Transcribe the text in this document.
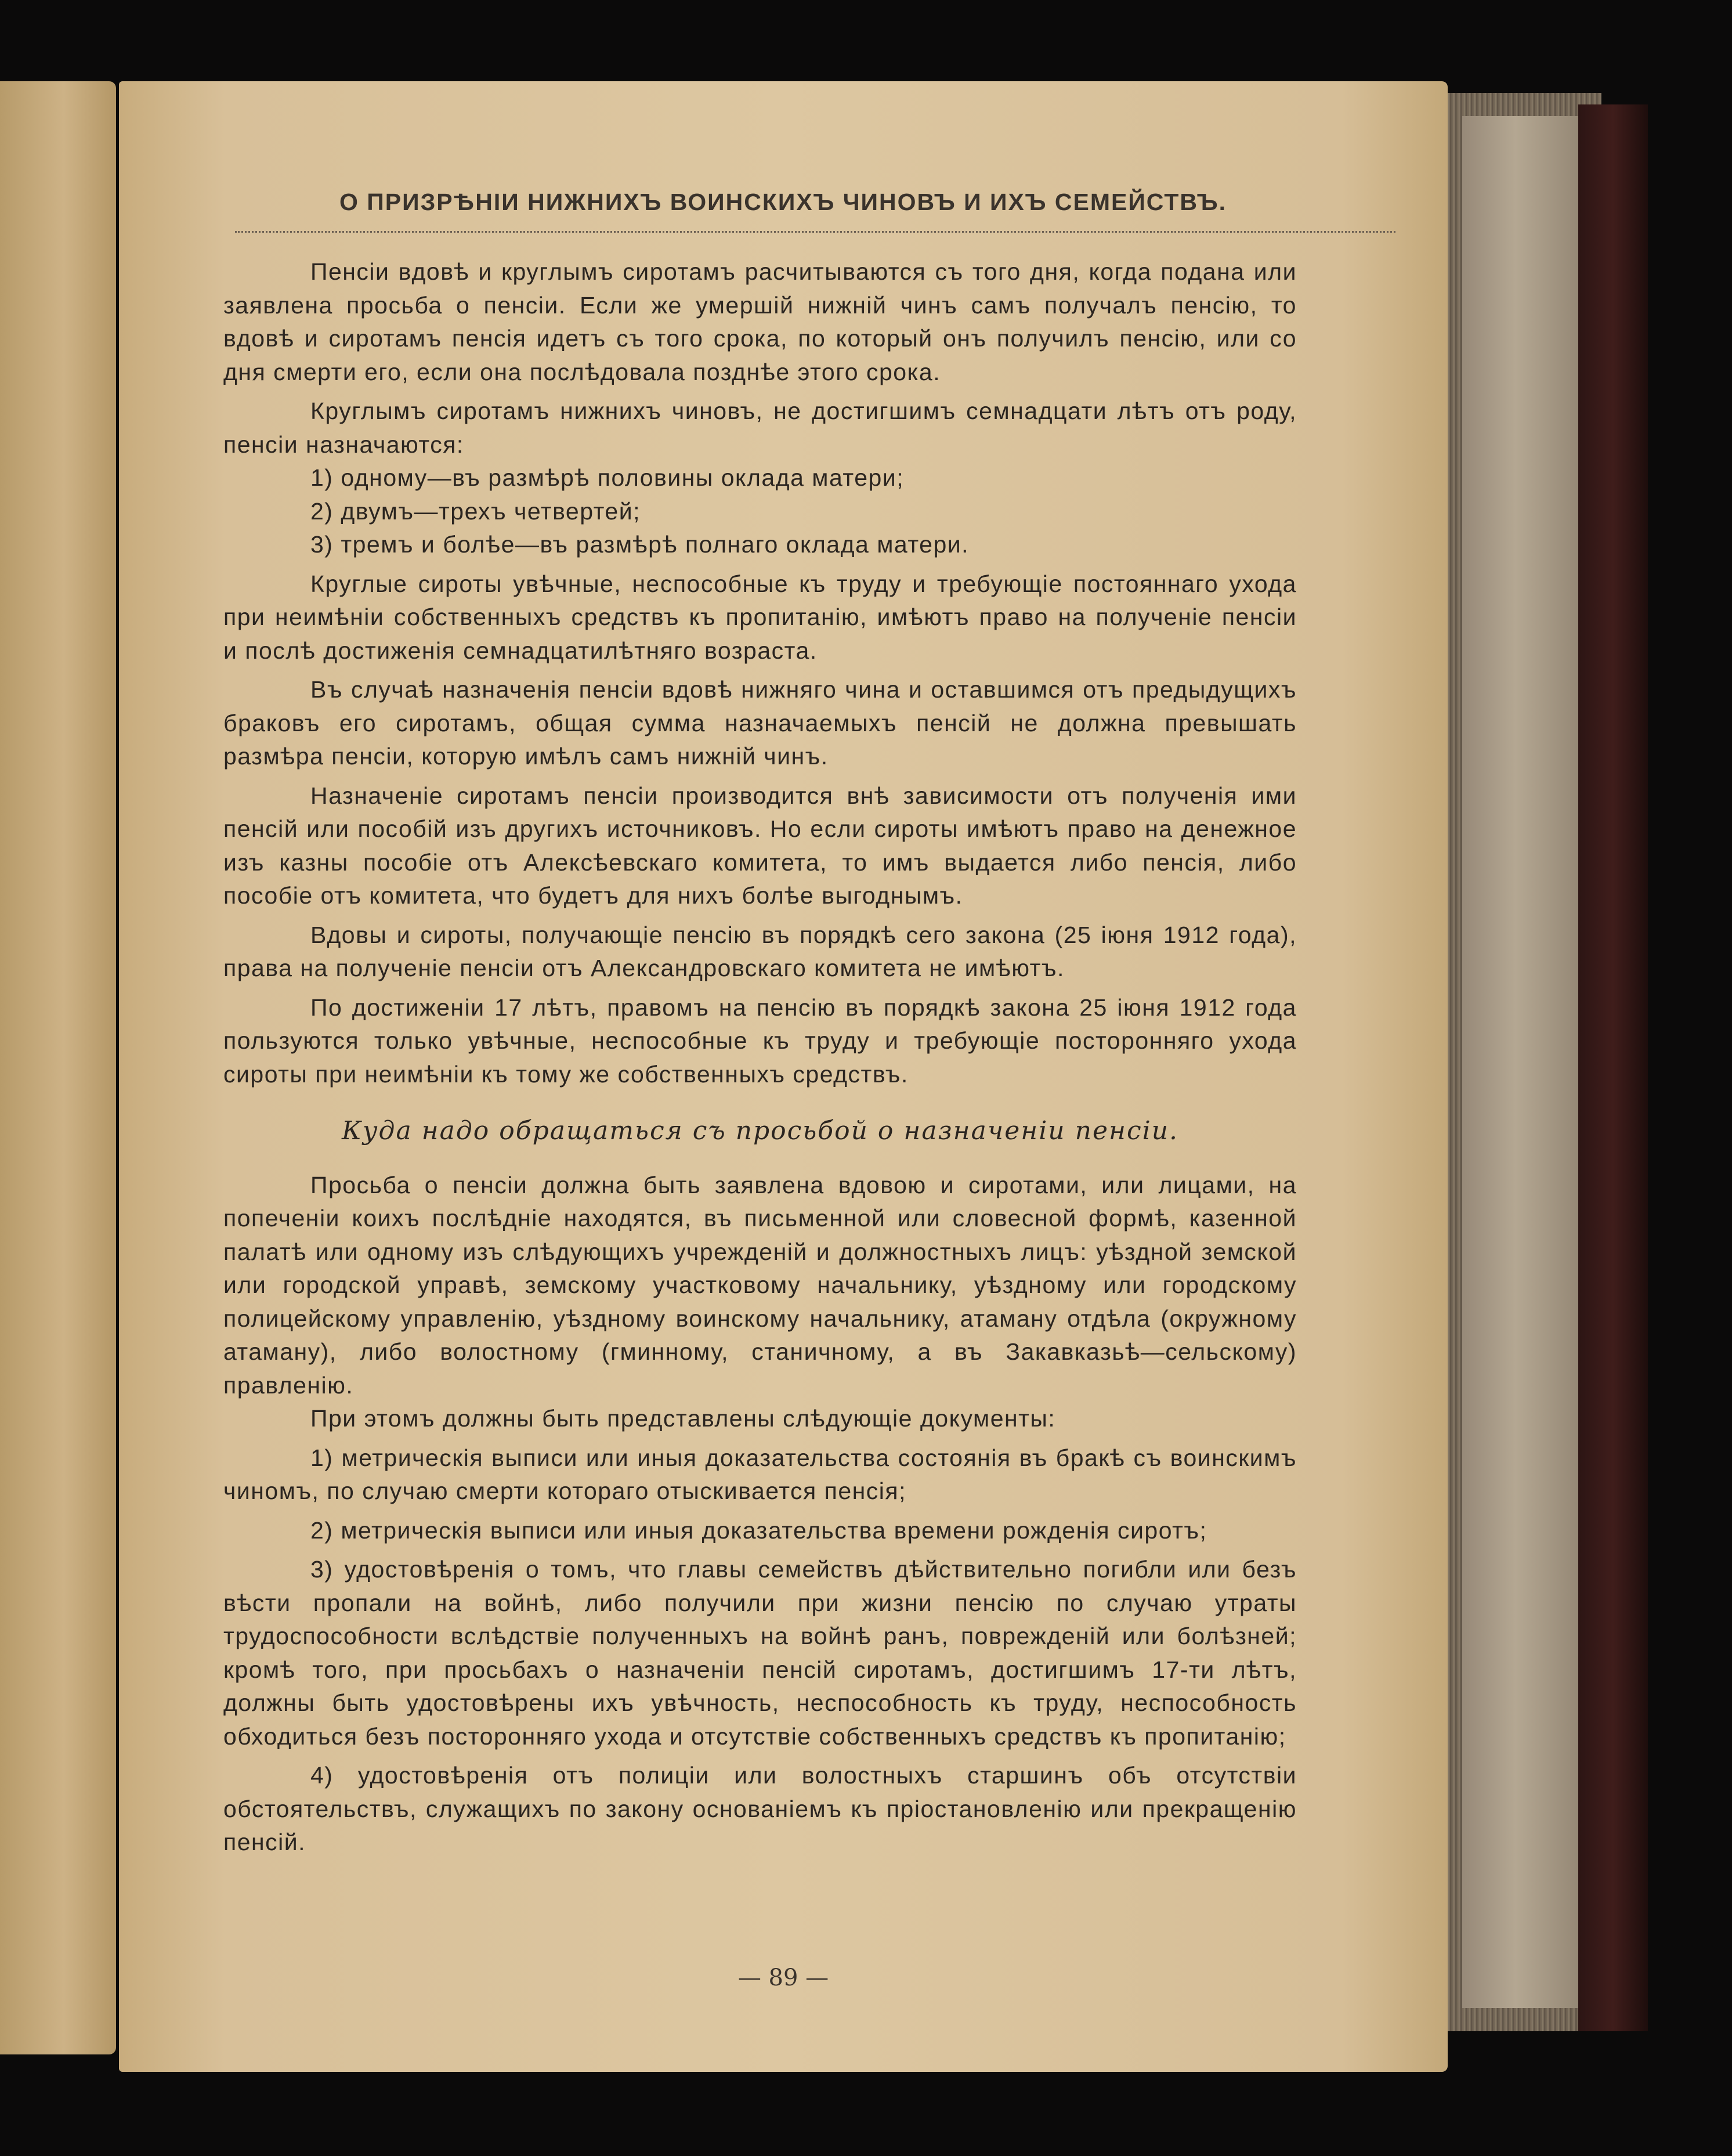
О ПРИЗРѢНІИ НИЖНИХЪ ВОИНСКИХЪ ЧИНОВЪ И ИХЪ СЕМЕЙСТВЪ.

Пенсіи вдовѣ и круглымъ сиротамъ расчитываются съ того дня, когда подана или заявлена просьба о пенсіи. Если же умершій нижній чинъ самъ получалъ пенсію, то вдовѣ и сиротамъ пенсія идетъ съ того срока, по который онъ получилъ пенсію, или со дня смерти его, если она послѣдовала позднѣе этого срока.

Круглымъ сиротамъ нижнихъ чиновъ, не достигшимъ семнадцати лѣтъ отъ роду, пенсіи назначаются:

1) одному—въ размѣрѣ половины оклада матери;

2) двумъ—трехъ четвертей;

3) тремъ и болѣе—въ размѣрѣ полнаго оклада матери.

Круглые сироты увѣчные, неспособные къ труду и требующіе постояннаго ухода при неимѣніи собственныхъ средствъ къ пропитанію, имѣютъ право на полученіе пенсіи и послѣ достиженія семнадцатилѣтняго возраста.

Въ случаѣ назначенія пенсіи вдовѣ нижняго чина и оставшимся отъ предыдущихъ браковъ его сиротамъ, общая сумма назначаемыхъ пенсій не должна превышать размѣра пенсіи, которую имѣлъ самъ нижній чинъ.

Назначеніе сиротамъ пенсіи производится внѣ зависимости отъ полученія ими пенсій или пособій изъ другихъ источниковъ. Но если сироты имѣютъ право на денежное изъ казны пособіе отъ Алексѣевскаго комитета, то имъ выдается либо пенсія, либо пособіе отъ комитета, что будетъ для нихъ болѣе выгоднымъ.

Вдовы и сироты, получающіе пенсію въ порядкѣ сего закона (25 іюня 1912 года), права на полученіе пенсіи отъ Александровскаго комитета не имѣютъ.

По достиженіи 17 лѣтъ, правомъ на пенсію въ порядкѣ закона 25 іюня 1912 года пользуются только увѣчные, неспособные къ труду и требующіе посторонняго ухода сироты при неимѣніи къ тому же собственныхъ средствъ.

Куда надо обращаться съ просьбой о назначеніи пенсіи.

Просьба о пенсіи должна быть заявлена вдовою и сиротами, или лицами, на попеченіи коихъ послѣдніе находятся, въ письменной или словесной формѣ, казенной палатѣ или одному изъ слѣдующихъ учрежденій и должностныхъ лицъ: уѣздной земской или городской управѣ, земскому участковому начальнику, уѣздному или городскому полицейскому управленію, уѣздному воинскому начальнику, атаману отдѣла (окружному атаману), либо волостному (гминному, станичному, а въ Закавказьѣ—сельскому) правленію.

При этомъ должны быть представлены слѣдующіе документы:

1) метрическія выписи или иныя доказательства состоянія въ бракѣ съ воинскимъ чиномъ, по случаю смерти котораго отыскивается пенсія;

2) метрическія выписи или иныя доказательства времени рожденія сиротъ;

3) удостовѣренія о томъ, что главы семействъ дѣйствительно погибли или безъ вѣсти пропали на войнѣ, либо получили при жизни пенсію по случаю утраты трудоспособности вслѣдствіе полученныхъ на войнѣ ранъ, поврежденій или болѣзней; кромѣ того, при просьбахъ о назначеніи пенсій сиротамъ, достигшимъ 17-ти лѣтъ, должны быть удостовѣрены ихъ увѣчность, неспособность къ труду, неспособность обходиться безъ посторонняго ухода и отсутствіе собственныхъ средствъ къ пропитанію;

4) удостовѣренія отъ полиціи или волостныхъ старшинъ объ отсутствіи обстоятельствъ, служащихъ по закону основаніемъ къ пріостановленію или прекращенію пенсій.

— 89 —
